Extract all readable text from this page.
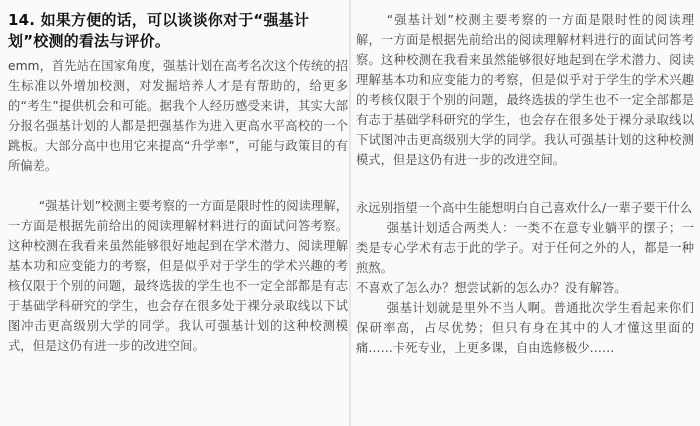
14. 如果方便的话，可以谈谈你对于“强基计划”校测的看法与评价。

emm，首先站在国家角度，强基计划在高考名次这个传统的招生标准以外增加校测，对发掘培养人才是有帮助的，给更多的“考生”提供机会和可能。据我个人经历感受来讲，其实大部分报名强基计划的人都是把强基作为进入更高水平高校的一个跳板。大部分高中也用它来提高“升学率”，可能与政策目的有所偏差。

“强基计划”校测主要考察的一方面是限时性的阅读理解，一方面是根据先前给出的阅读理解材料进行的面试问答考察。这种校测在我看来虽然能够很好地起到在学术潜力、阅读理解基本功和应变能力的考察，但是似乎对于学生的学术兴趣的考核仅限于个别的问题，最终选拔的学生也不一定全部都是有志于基础学科研究的学生，也会存在很多处于裸分录取线以下试图冲击更高级别大学的同学。我认可强基计划的这种校测模式，但是这仍有进一步的改进空间。

“强基计划”校测主要考察的一方面是限时性的阅读理解，一方面是根据先前给出的阅读理解材料进行的面试问答考察。这种校测在我看来虽然能够很好地起到在学术潜力、阅读理解基本功和应变能力的考察，但是似乎对于学生的学术兴趣的考核仅限于个别的问题，最终选拔的学生也不一定全部都是有志于基础学科研究的学生，也会存在很多处于裸分录取线以下试图冲击更高级别大学的同学。我认可强基计划的这种校测模式，但是这仍有进一步的改进空间。

永远别指望一个高中生能想明白自己喜欢什么/一辈子要干什么

强基计划适合两类人：一类不在意专业躺平的摆子；一类是专心学术有志于此的学子。对于任何之外的人，都是一种煎熬。

不喜欢了怎么办？想尝试新的怎么办？没有解答。

强基计划就是里外不当人啊。普通批次学生看起来你们保研率高，占尽优势；但只有身在其中的人才懂这里面的痛……卡死专业，上更多课，自由选修极少……
